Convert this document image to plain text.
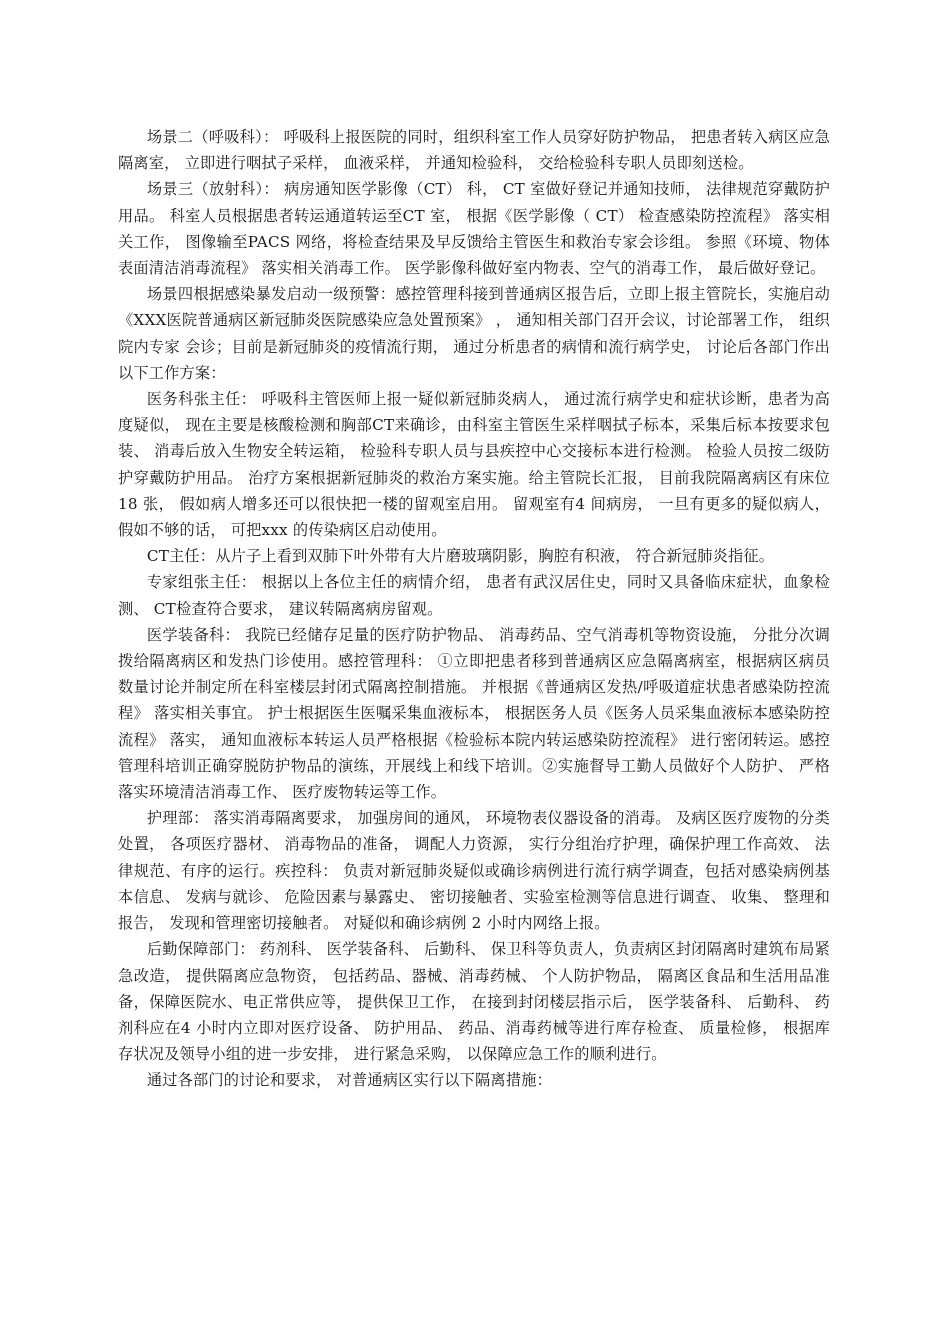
场景二（呼吸科）： 呼吸科上报医院的同时，组织科室工作人员穿好防护物品， 把患者转入病区应急隔离室， 立即进行咽拭子采样， 血液采样， 并通知检验科， 交给检验科专职人员即刻送检。

场景三（放射科）： 病房通知医学影像（CT） 科， CT 室做好登记并通知技师， 法律规范穿戴防护用品。 科室人员根据患者转运通道转运至CT 室， 根据《医学影像（ CT） 检查感染防控流程》 落实相关工作， 图像输至PACS 网络，将检查结果及早反馈给主管医生和救治专家会诊组。 参照《环境、物体表面清洁消毒流程》 落实相关消毒工作。 医学影像科做好室内物表、空气的消毒工作， 最后做好登记。

场景四根据感染暴发启动一级预警：感控管理科接到普通病区报告后，立即上报主管院长，实施启动《XXX医院普通病区新冠肺炎医院感染应急处置预案》 ， 通知相关部门召开会议，讨论部署工作， 组织院内专家 会诊；目前是新冠肺炎的疫情流行期， 通过分析患者的病情和流行病学史， 讨论后各部门作出以下工作方案：

医务科张主任： 呼吸科主管医师上报一疑似新冠肺炎病人， 通过流行病学史和症状诊断，患者为高度疑似， 现在主要是核酸检测和胸部CT来确诊，由科室主管医生采样咽拭子标本，采集后标本按要求包装、 消毒后放入生物安全转运箱， 检验科专职人员与县疾控中心交接标本进行检测。 检验人员按二级防护穿戴防护用品。 治疗方案根据新冠肺炎的救治方案实施。给主管院长汇报， 目前我院隔离病区有床位18 张， 假如病人增多还可以很快把一楼的留观室启用。 留观室有4 间病房， 一旦有更多的疑似病人，假如不够的话， 可把xxx 的传染病区启动使用。

CT主任：从片子上看到双肺下叶外带有大片磨玻璃阴影，胸腔有积液， 符合新冠肺炎指征。

专家组张主任： 根据以上各位主任的病情介绍， 患者有武汉居住史，同时又具备临床症状，血象检测、 CT检查符合要求， 建议转隔离病房留观。

医学装备科： 我院已经储存足量的医疗防护物品、 消毒药品、空气消毒机等物资设施， 分批分次调拨给隔离病区和发热门诊使用。感控管理科： ①立即把患者移到普通病区应急隔离病室，根据病区病员数量讨论并制定所在科室楼层封闭式隔离控制措施。 并根据《普通病区发热/呼吸道症状患者感染防控流程》 落实相关事宜。 护士根据医生医嘱采集血液标本， 根据医务人员《医务人员采集血液标本感染防控流程》 落实， 通知血液标本转运人员严格根据《检验标本院内转运感染防控流程》 进行密闭转运。感控管理科培训正确穿脱防护物品的演练，开展线上和线下培训。②实施督导工勤人员做好个人防护、 严格落实环境清洁消毒工作、 医疗废物转运等工作。

护理部： 落实消毒隔离要求， 加强房间的通风， 环境物表仪器设备的消毒。 及病区医疗废物的分类处置， 各项医疗器材、 消毒物品的准备， 调配人力资源， 实行分组治疗护理，确保护理工作高效、 法律规范、有序的运行。疾控科： 负责对新冠肺炎疑似或确诊病例进行流行病学调查，包括对感染病例基本信息、 发病与就诊、 危险因素与暴露史、 密切接触者、实验室检测等信息进行调查、 收集、 整理和报告， 发现和管理密切接触者。 对疑似和确诊病例 2 小时内网络上报。

后勤保障部门： 药剂科、 医学装备科、 后勤科、 保卫科等负责人，负责病区封闭隔离时建筑布局紧急改造， 提供隔离应急物资， 包括药品、器械、消毒药械、 个人防护物品， 隔离区食品和生活用品准备，保障医院水、电正常供应等， 提供保卫工作， 在接到封闭楼层指示后， 医学装备科、 后勤科、 药剂科应在4 小时内立即对医疗设备、 防护用品、 药品、消毒药械等进行库存检查、 质量检修， 根据库存状况及领导小组的进一步安排， 进行紧急采购， 以保障应急工作的顺利进行。

通过各部门的讨论和要求， 对普通病区实行以下隔离措施：
